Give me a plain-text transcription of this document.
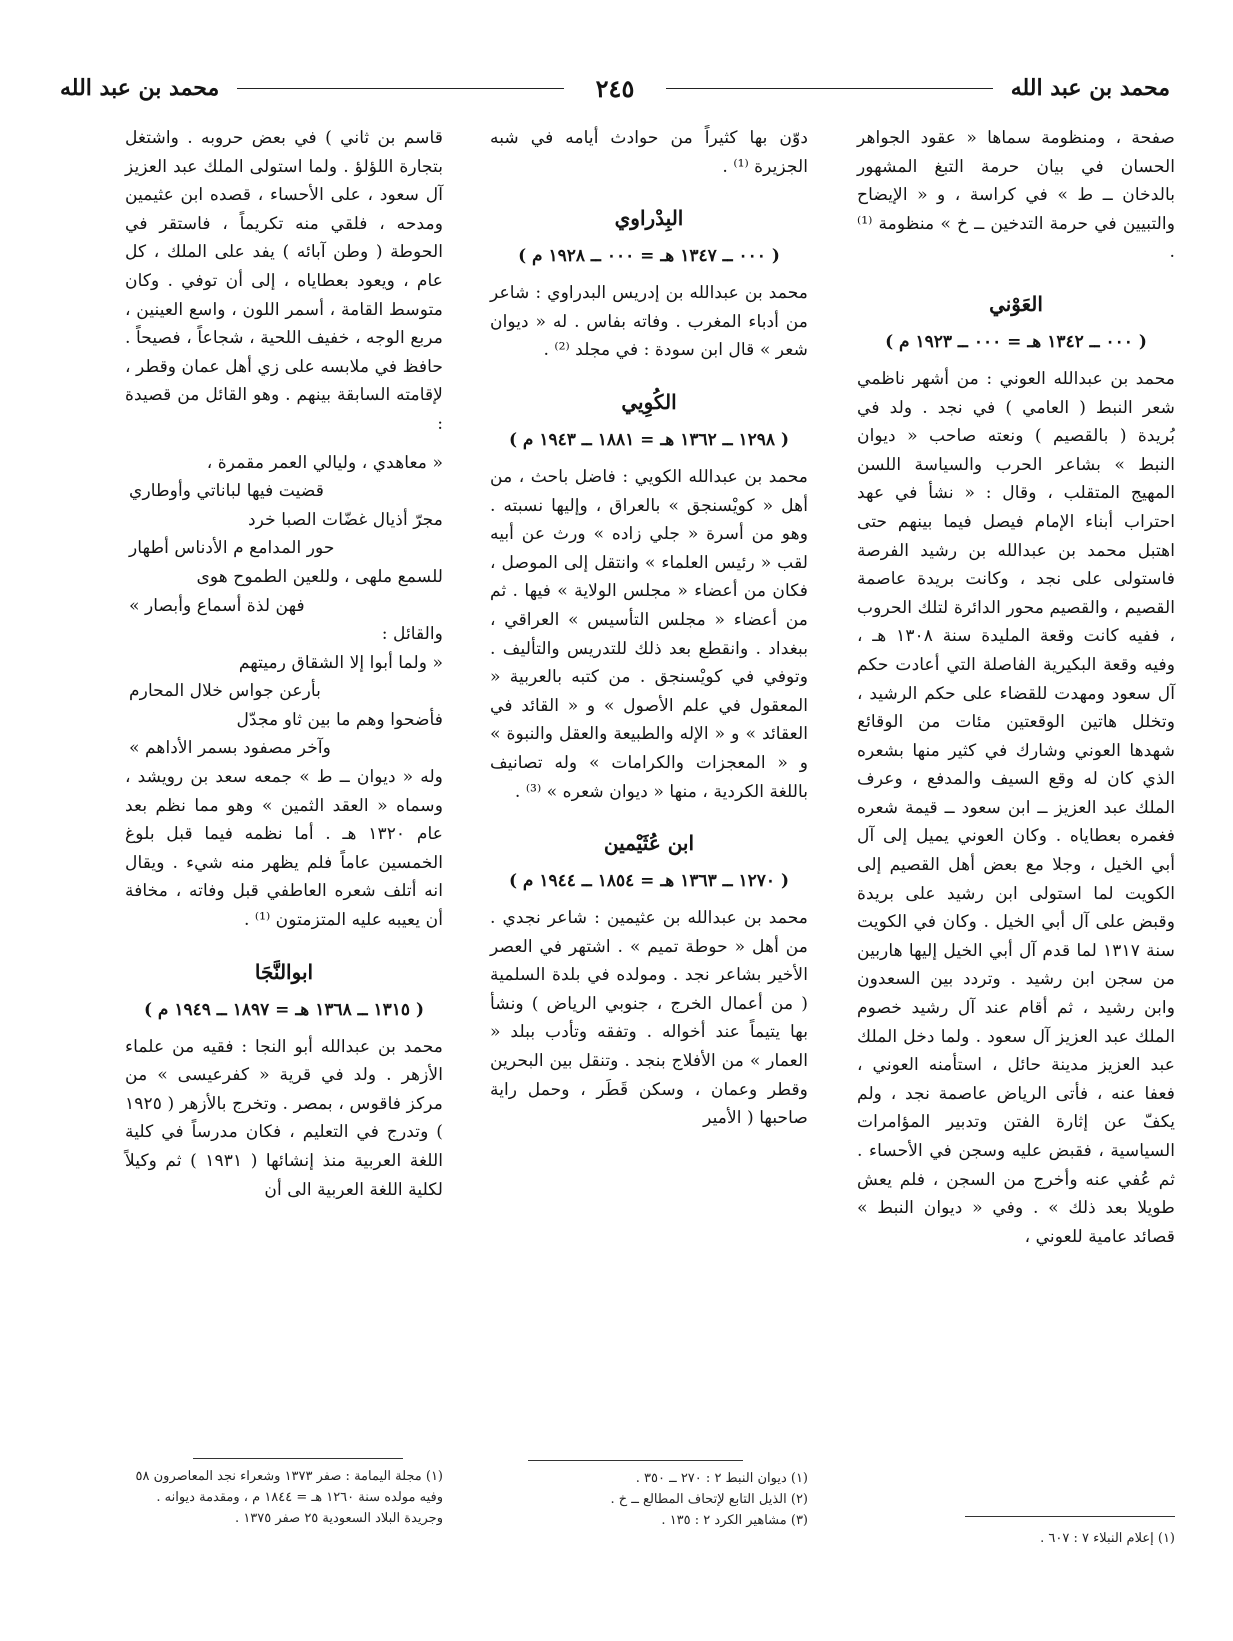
محمد بن عبد الله
٢٤٥
محمد بن عبد الله

صفحة ، ومنظومة سماها « عقود الجواهر الحسان في بيان حرمة التبغ المشهور بالدخان ــ ط » في كراسة ، و « الإيضاح والتبيين في حرمة التدخين ــ خ » منظومة ⁽¹⁾ .

العَوْني

( ٠٠٠ ــ ١٣٤٢ هـ = ٠٠٠ ــ ١٩٢٣ م )

محمد بن عبدالله العوني : من أشهر ناظمي شعر النبط ( العامي ) في نجد . ولد في بُريدة ( بالقصيم ) ونعته صاحب « ديوان النبط » بشاعر الحرب والسياسة اللسن المهيج المتقلب ، وقال : « نشأ في عهد احتراب أبناء الإمام فيصل فيما بينهم حتى اهتبل محمد بن عبدالله بن رشيد الفرصة فاستولى على نجد ، وكانت بريدة عاصمة القصيم ، والقصيم محور الدائرة لتلك الحروب ، ففيه كانت وقعة المليدة سنة ١٣٠٨ هـ ، وفيه وقعة البكيرية الفاصلة التي أعادت حكم آل سعود ومهدت للقضاء على حكم الرشيد ، وتخلل هاتين الوقعتين مئات من الوقائع شهدها العوني وشارك في كثير منها بشعره الذي كان له وقع السيف والمدفع ، وعرف الملك عبد العزيز ــ ابن سعود ــ قيمة شعره فغمره بعطاياه . وكان العوني يميل إلى آل أبي الخيل ، وجلا مع بعض أهل القصيم إلى الكويت لما استولى ابن رشيد على بريدة وقبض على آل أبي الخيل . وكان في الكويت سنة ١٣١٧ لما قدم آل أبي الخيل إليها هاربين من سجن ابن رشيد . وتردد بين السعدون وابن رشيد ، ثم أقام عند آل رشيد خصوم الملك عبد العزيز آل سعود . ولما دخل الملك عبد العزيز مدينة حائل ، استأمنه العوني ، فعفا عنه ، فأتى الرياض عاصمة نجد ، ولم يكفّ عن إثارة الفتن وتدبير المؤامرات السياسية ، فقبض عليه وسجن في الأحساء . ثم عُفي عنه وأخرج من السجن ، فلم يعش طويلا بعد ذلك » . وفي « ديوان النبط » قصائد عامية للعوني ،

(١) إعلام النبلاء ٧ : ٦٠٧ .

دوّن بها كثيراً من حوادث أيامه في شبه الجزيرة ⁽¹⁾ .

البِدْراوي

( ٠٠٠ ــ ١٣٤٧ هـ = ٠٠٠ ــ ١٩٢٨ م )

محمد بن عبدالله بن إدريس البدراوي : شاعر من أدباء المغرب . وفاته بفاس . له « ديوان شعر » قال ابن سودة : في مجلد ⁽²⁾ .

الكُوِيي

( ١٢٩٨ ــ ١٣٦٢ هـ = ١٨٨١ ــ ١٩٤٣ م )

محمد بن عبدالله الكويي : فاضل باحث ، من أهل « كويْسنجق » بالعراق ، وإليها نسبته . وهو من أسرة « جلي زاده » ورث عن أبيه لقب « رئيس العلماء » وانتقل إلى الموصل ، فكان من أعضاء « مجلس الولاية » فيها . ثم من أعضاء « مجلس التأسيس » العراقي ، ببغداد . وانقطع بعد ذلك للتدريس والتأليف . وتوفي في كويْسنجق . من كتبه بالعربية « المعقول في علم الأصول » و « القائد في العقائد » و « الإله والطبيعة والعقل والنبوة » و « المعجزات والكرامات » وله تصانيف باللغة الكردية ، منها « ديوان شعره » ⁽³⁾ .

ابن عُثَيْمين

( ١٢٧٠ ــ ١٣٦٣ هـ = ١٨٥٤ ــ ١٩٤٤ م )

محمد بن عبدالله بن عثيمين : شاعر نجدي . من أهل « حوطة تميم » . اشتهر في العصر الأخير بشاعر نجد . ومولده في بلدة السلمية ( من أعمال الخرج ، جنوبي الرياض ) ونشأ بها يتيماً عند أخواله . وتفقه وتأدب ببلد « العمار » من الأفلاج بنجد . وتنقل بين البحرين وقطر وعمان ، وسكن قَطَر ، وحمل راية صاحبها ( الأمير

(١) ديوان النبط ٢ : ٢٧٠ ــ ٣٥٠ .
(٢) الذيل التابع لإتحاف المطالع ــ خ .
(٣) مشاهير الكرد ٢ : ١٣٥ .

قاسم بن ثاني ) في بعض حروبه . واشتغل بتجارة اللؤلؤ . ولما استولى الملك عبد العزيز آل سعود ، على الأحساء ، قصده ابن عثيمين ومدحه ، فلقي منه تكريماً ، فاستقر في الحوطة ( وطن آبائه ) يفد على الملك ، كل عام ، ويعود بعطاياه ، إلى أن توفي . وكان متوسط القامة ، أسمر اللون ، واسع العينين ، مربع الوجه ، خفيف اللحية ، شجاعاً ، فصيحاً . حافظ في ملابسه على زي أهل عمان وقطر ، لإقامته السابقة بينهم . وهو القائل من قصيدة :

« معاهدي ، وليالي العمر مقمرة ،
قضيت فيها لباناتي وأوطاري
مجرّ أذيال غضّات الصبا خرد
حور المدامع م الأدناس أطهار
للسمع ملهى ، وللعين الطموح هوى
فهن لذة أسماع وأبصار »

والقائل :

« ولما أبوا إلا الشقاق رميتهم
بأرعن جواس خلال المحارم
فأضحوا وهم ما بين ثاو مجدّل
وآخر مصفود بسمر الأداهم »

وله « ديوان ــ ط » جمعه سعد بن رويشد ، وسماه « العقد الثمين » وهو مما نظم بعد عام ١٣٢٠ هـ . أما نظمه فيما قبل بلوغ الخمسين عاماً فلم يظهر منه شيء . ويقال انه أتلف شعره العاطفي قبل وفاته ، مخافة أن يعيبه عليه المتزمتون ⁽¹⁾ .

ابوالنَّجَا

( ١٣١٥ ــ ١٣٦٨ هـ = ١٨٩٧ ــ ١٩٤٩ م )

محمد بن عبدالله أبو النجا : فقيه من علماء الأزهر . ولد في قرية « كفرعيسى » من مركز فاقوس ، بمصر . وتخرج بالأزهر ( ١٩٢٥ ) وتدرج في التعليم ، فكان مدرساً في كلية اللغة العربية منذ إنشائها ( ١٩٣١ ) ثم وكيلاً لكلية اللغة العربية الى أن

(١) مجلة اليمامة : صفر ١٣٧٣ وشعراء نجد المعاصرون ٥٨
وفيه مولده سنة ١٢٦٠ هـ = ١٨٤٤ م ، ومقدمة ديوانه .
وجريدة البلاد السعودية ٢٥ صفر ١٣٧٥ .
